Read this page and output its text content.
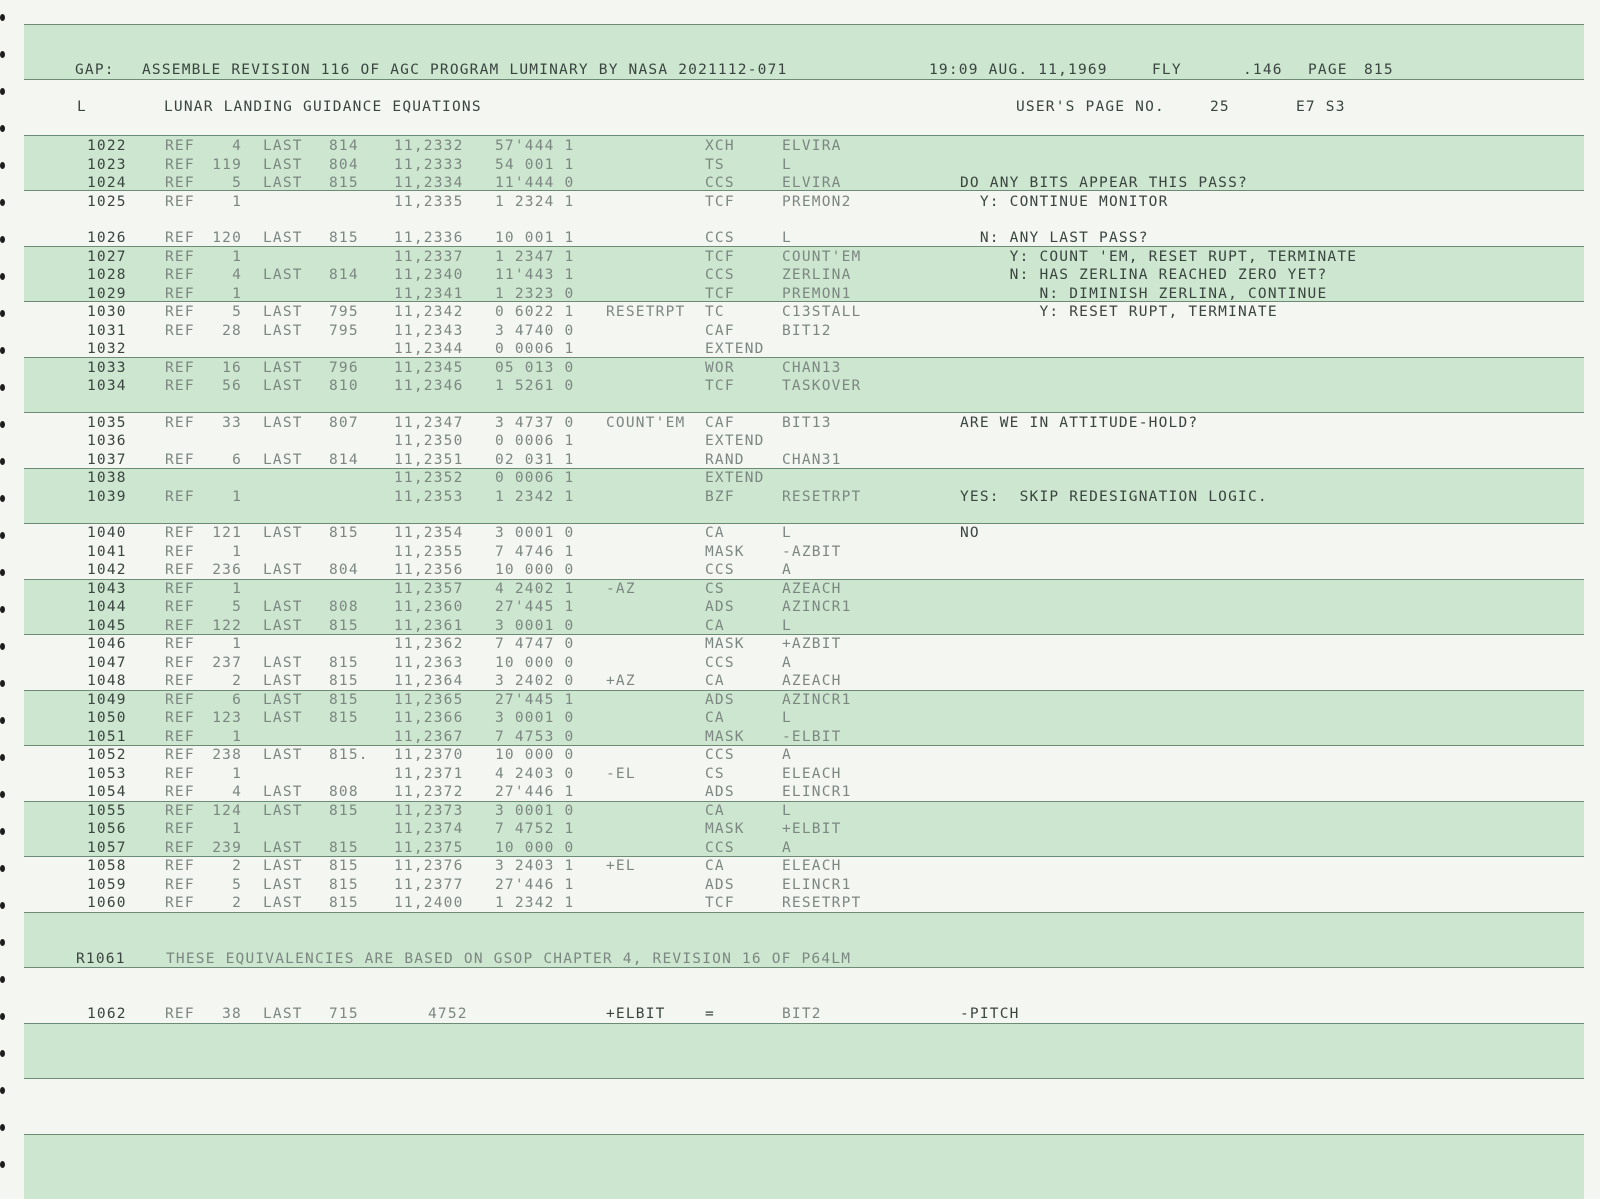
GAP: ASSEMBLE REVISION 116 OF AGC PROGRAM LUMINARY BY NASA 2021112-071	19:09 AUG. 11,1969	FLY	.146 PAGE 815
L	LUNAR LANDING GUIDANCE EQUATIONS	USER'S PAGE NO.	25	E7 S3
1022	REF	4 LAST 814 11,2332 57'444 1	XCH	ELVIRA
1023	REF	119 LAST 804 11,2333 54 001 1	TS	L
1024	REF	5 LAST 815 11,2334 11'444 0	CCS	ELVIRA	DO ANY BITS APPEAR THIS PASS?
1025	REF	1	11,2335 1 2324 1	TCF	PREMON2	Y: CONTINUE MONITOR
1026	REF	120 LAST 815 11,2336 10 001 1	CCS	L	N: ANY LAST PASS?
1027	REF	1	11,2337 1 2347 1	TCF	COUNT'EM	Y: COUNT 'EM, RESET RUPT, TERMINATE
1028	REF	4 LAST 814 11,2340 11'443 1	CCS	ZERLINA	N: HAS ZERLINA REACHED ZERO YET?
1029	REF	1	11,2341 1 2323 0	TCF	PREMON1	N: DIMINISH ZERLINA, CONTINUE
1030	REF	5 LAST 795 11,2342 0 6022 1 RESETRPT TC	C13STALL	Y: RESET RUPT, TERMINATE
1031	REF	28 LAST 795 11,2343 3 4740 0	CAF	BIT12
1032	11,2344 0 0006 1	EXTEND
1033	REF	16 LAST 796 11,2345 05 013 0	WOR	CHAN13
1034	REF	56 LAST 810 11,2346 1 5261 0	TCF	TASKOVER
1035	REF	33 LAST 807 11,2347 3 4737 0 COUNT'EM CAF	BIT13	ARE WE IN ATTITUDE-HOLD?
1036	11,2350 0 0006 1	EXTEND
1037	REF	6 LAST 814 11,2351 02 031 1	RAND	CHAN31
1038	11,2352 0 0006 1	EXTEND
1039	REF	1	11,2353 1 2342 1	BZF	RESETRPT	YES:  SKIP REDESIGNATION LOGIC.
1040	REF	121 LAST 815 11,2354 3 0001 0	CA	L	NO
1041	REF	1	11,2355 7 4746 1	MASK	-AZBIT
1042	REF	236 LAST 804 11,2356 10 000 0	CCS	A
1043	REF	1	11,2357 4 2402 1 -AZ	CS	AZEACH
1044	REF	5 LAST 808 11,2360 27'445 1	ADS	AZINCR1
1045	REF	122 LAST 815 11,2361 3 0001 0	CA	L
1046	REF	1	11,2362 7 4747 0	MASK	+AZBIT
1047	REF	237 LAST 815 11,2363 10 000 0	CCS	A
1048	REF	2 LAST 815 11,2364 3 2402 0 +AZ	CA	AZEACH
1049	REF	6 LAST 815 11,2365 27'445 1	ADS	AZINCR1
1050	REF	123 LAST 815 11,2366 3 0001 0	CA	L
1051	REF	1	11,2367 7 4753 0	MASK	-ELBIT
1052	REF	238 LAST 815. 11,2370 10 000 0	CCS	A
1053	REF	1	11,2371 4 2403 0 -EL	CS	ELEACH
1054	REF	4 LAST 808 11,2372 27'446 1	ADS	ELINCR1
1055	REF	124 LAST 815 11,2373 3 0001 0	CA	L
1056	REF	1	11,2374 7 4752 1	MASK	+ELBIT
1057	REF	239 LAST 815 11,2375 10 000 0	CCS	A
1058	REF	2 LAST 815 11,2376 3 2403 1 +EL	CA	ELEACH
1059	REF	5 LAST 815 11,2377 27'446 1	ADS	ELINCR1
1060	REF	2 LAST 815 11,2400 1 2342 1	TCF	RESETRPT
R1061	THESE EQUIVALENCIES ARE BASED ON GSOP CHAPTER 4, REVISION 16 OF P64LM
1062	REF	38 LAST 715	4752	+ELBIT	=	BIT2	-PITCH
